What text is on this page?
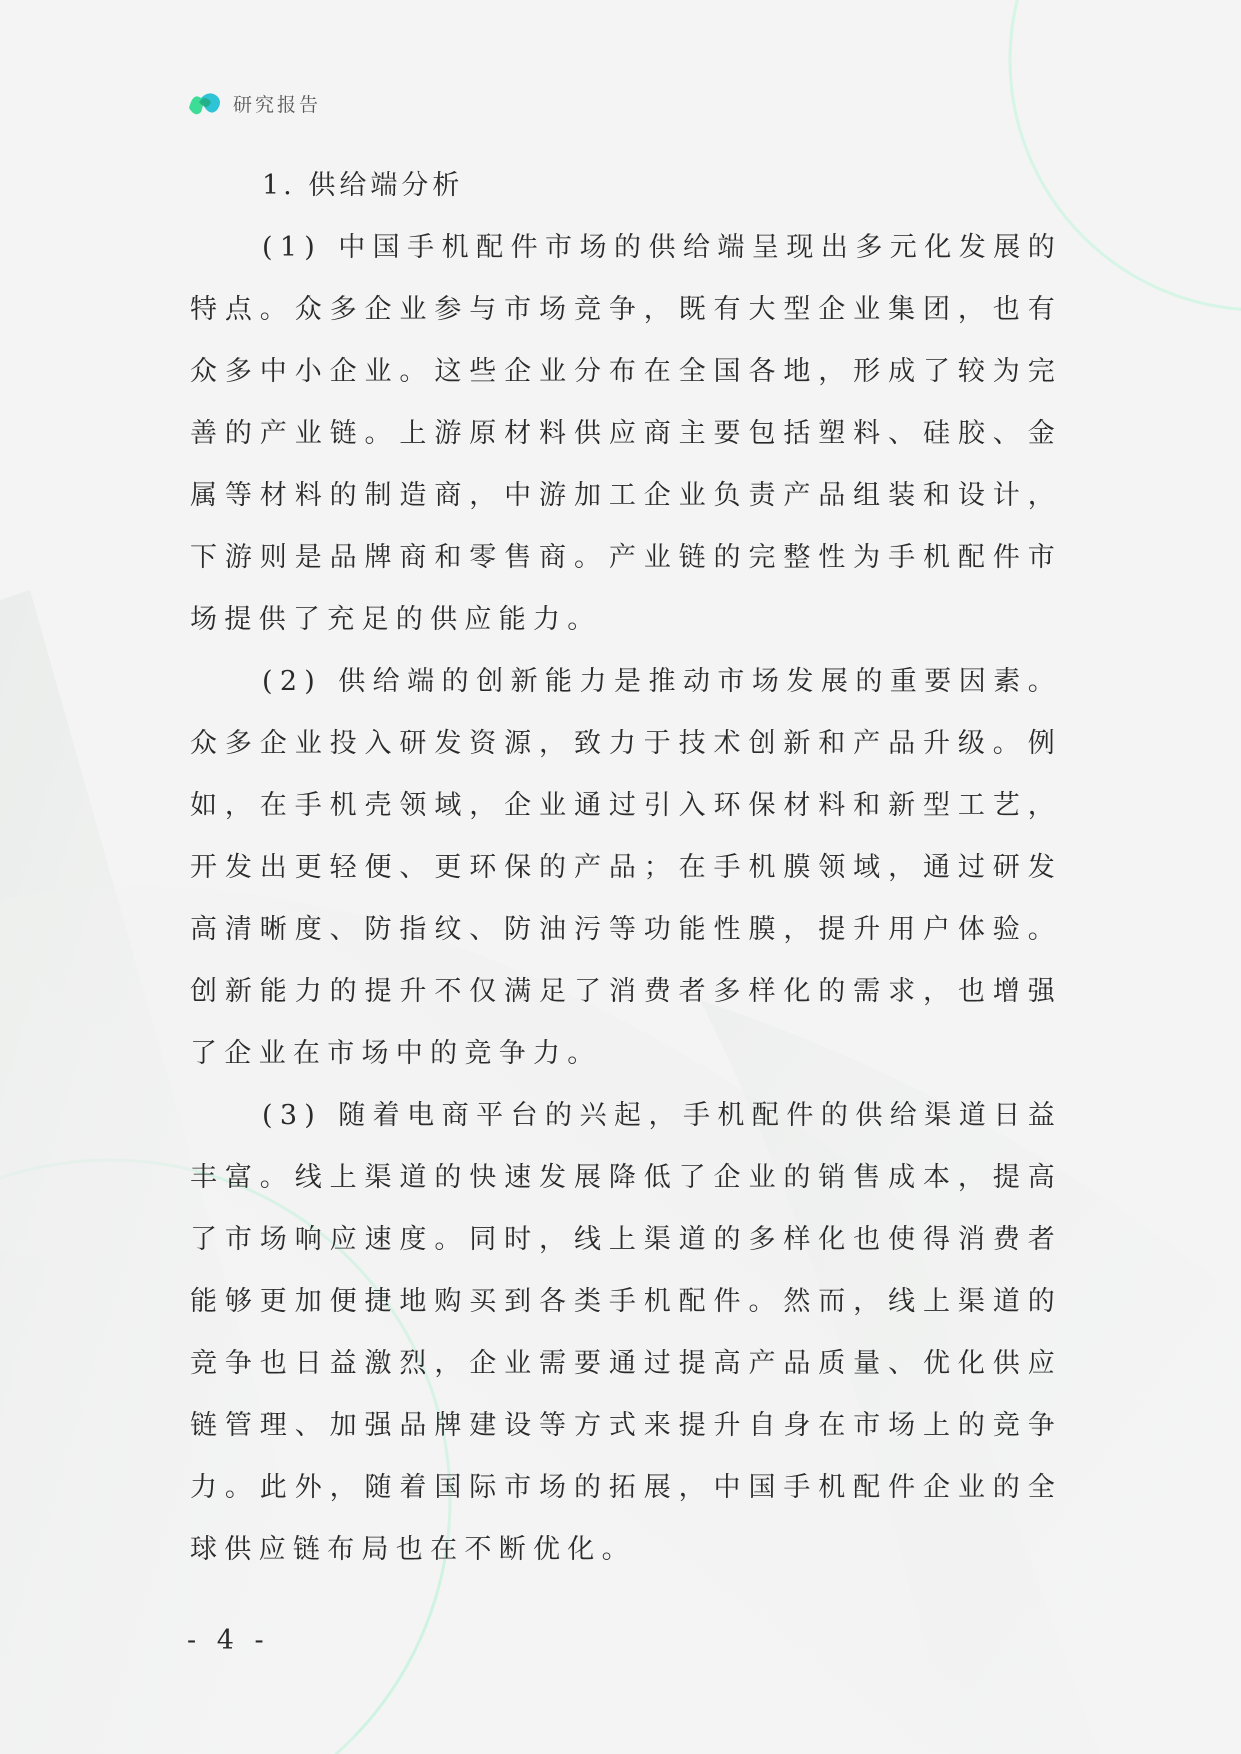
研究报告
1. 供给端分析

(1) 中国手机配件市场的供给端呈现出多元化发展的特点。众多企业参与市场竞争，既有大型企业集团，也有众多中小企业。这些企业分布在全国各地，形成了较为完善的产业链。上游原材料供应商主要包括塑料、硅胶、金属等材料的制造商，中游加工企业负责产品组装和设计，下游则是品牌商和零售商。产业链的完整性为手机配件市场提供了充足的供应能力。

(2) 供给端的创新能力是推动市场发展的重要因素。众多企业投入研发资源，致力于技术创新和产品升级。例如，在手机壳领域，企业通过引入环保材料和新型工艺，开发出更轻便、更环保的产品；在手机膜领域，通过研发高清晰度、防指纹、防油污等功能性膜，提升用户体验。创新能力的提升不仅满足了消费者多样化的需求，也增强了企业在市场中的竞争力。

(3) 随着电商平台的兴起，手机配件的供给渠道日益丰富。线上渠道的快速发展降低了企业的销售成本，提高了市场响应速度。同时，线上渠道的多样化也使得消费者能够更加便捷地购买到各类手机配件。然而，线上渠道的竞争也日益激烈，企业需要通过提高产品质量、优化供应链管理、加强品牌建设等方式来提升自身在市场上的竞争力。此外，随着国际市场的拓展，中国手机配件企业的全球供应链布局也在不断优化。

- 4 -
